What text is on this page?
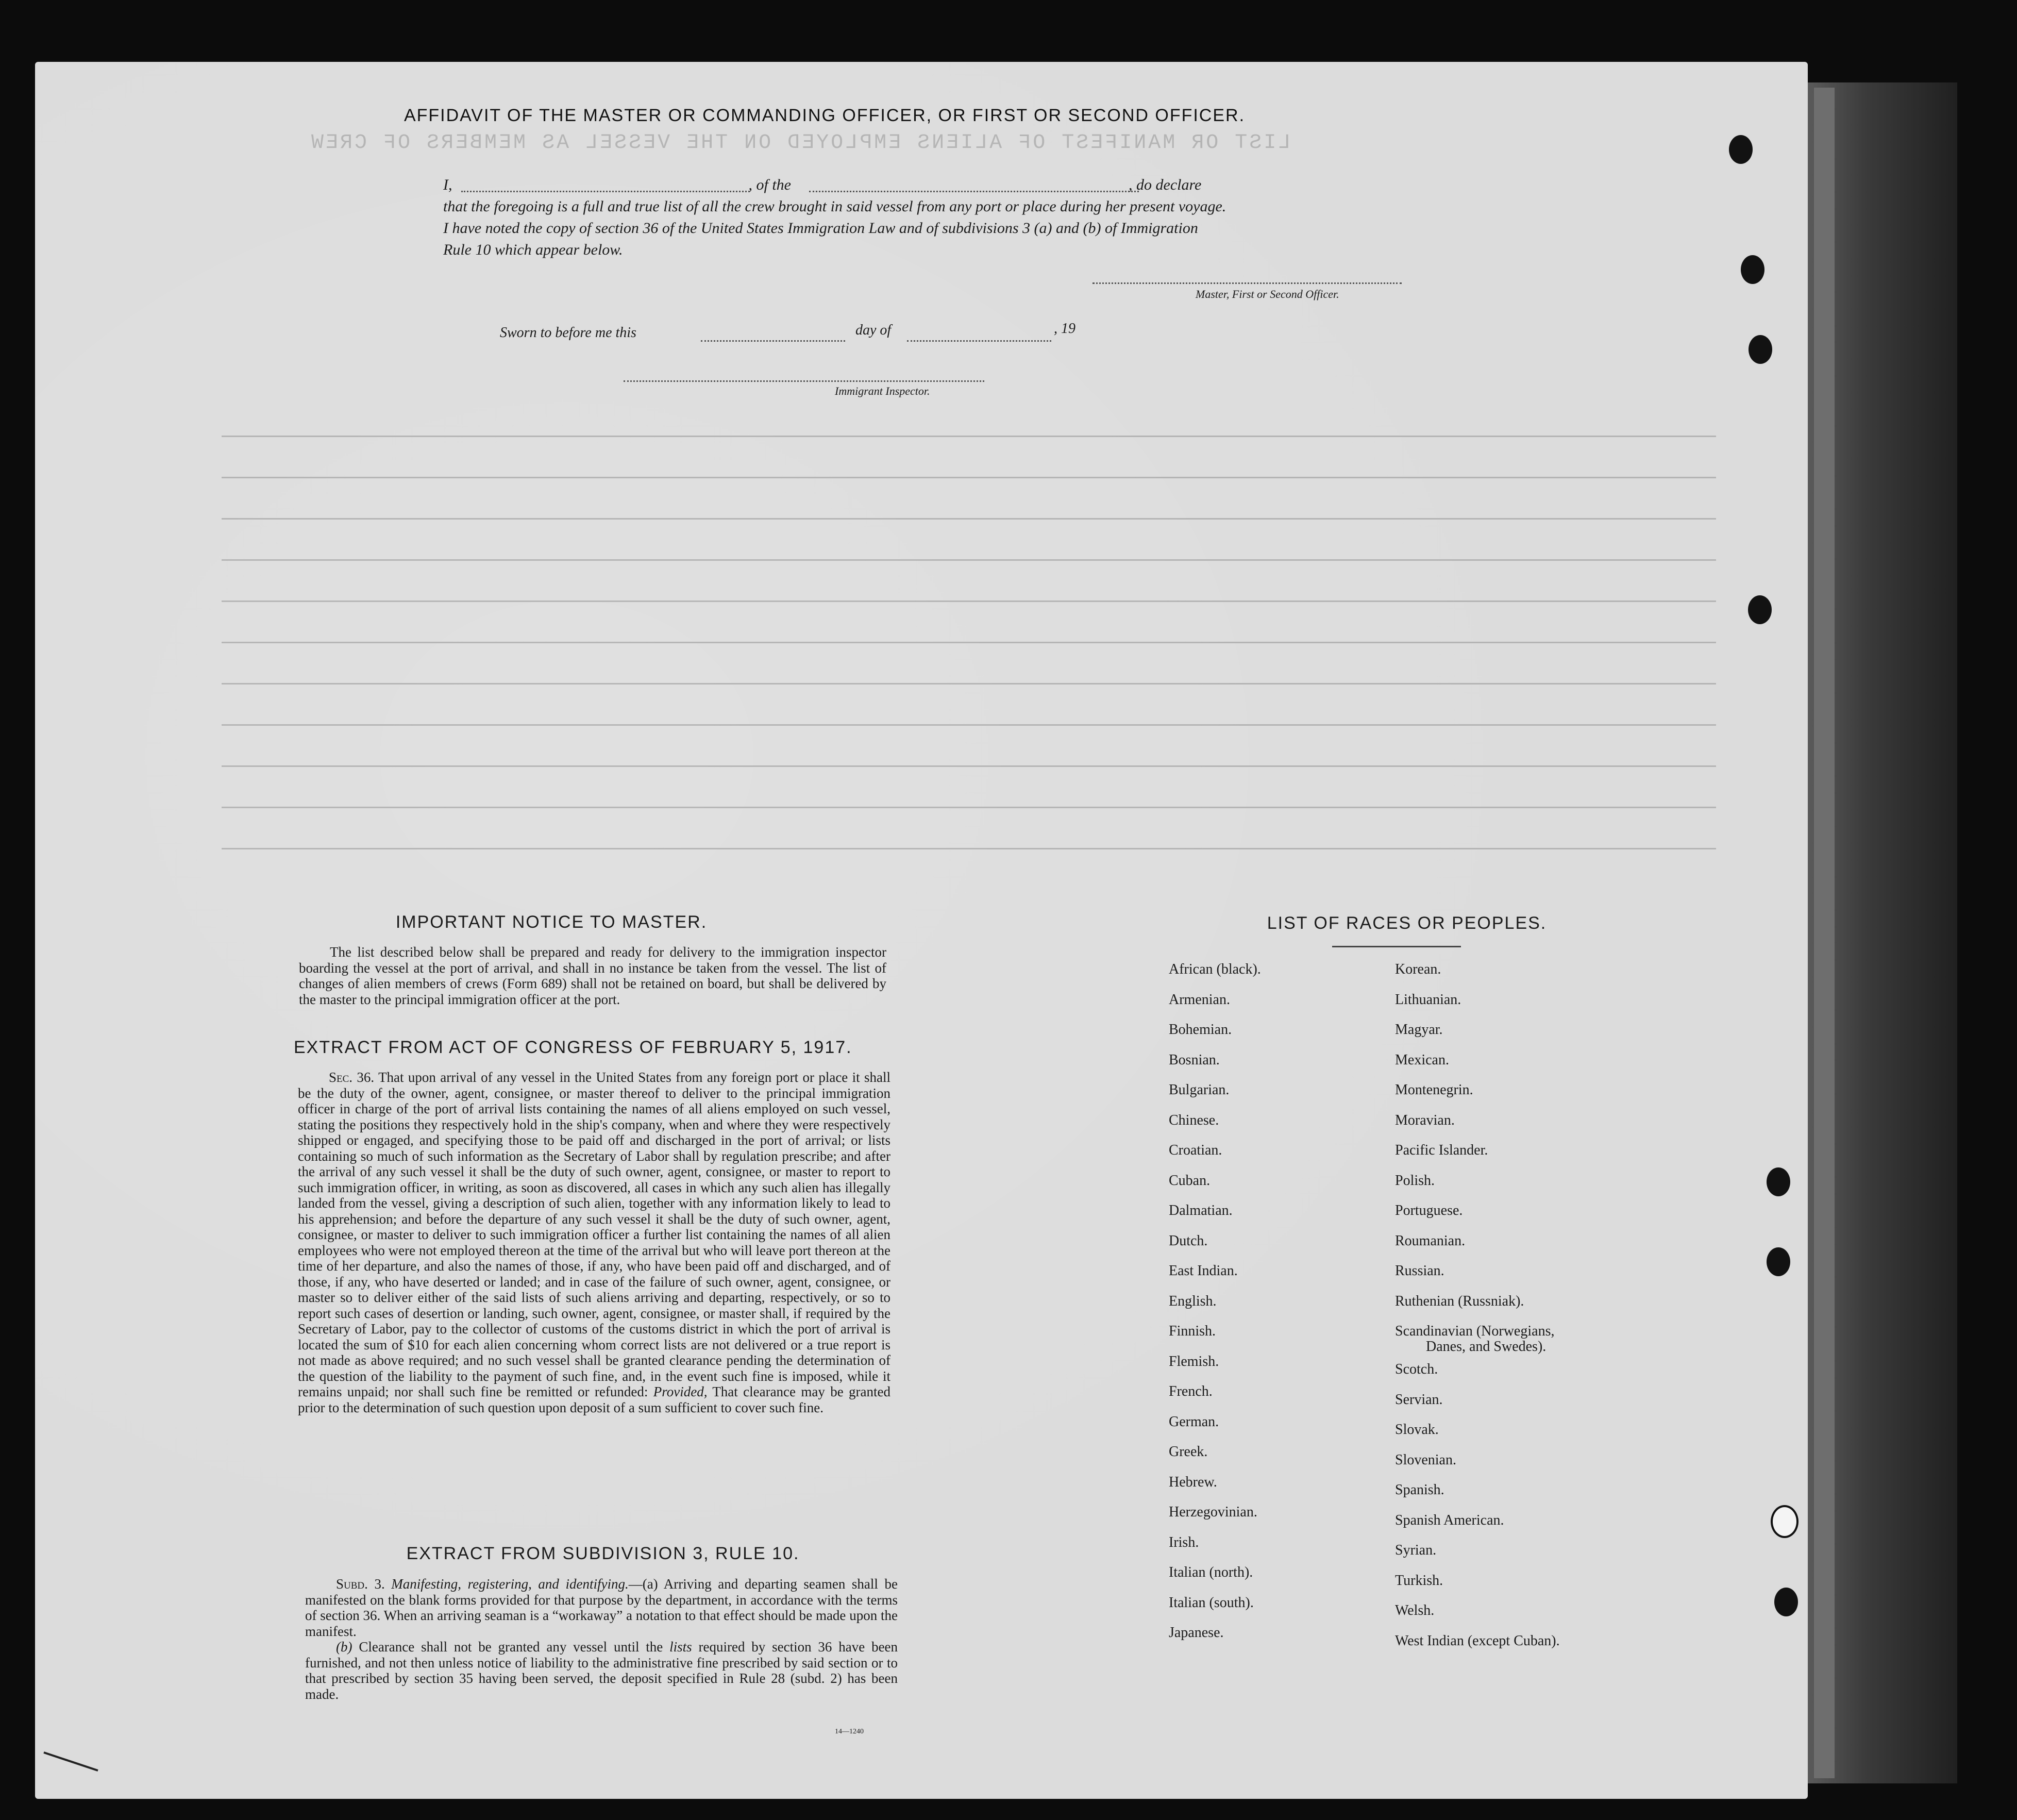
LIST OR MANIFEST OF ALIENS EMPLOYED ON THE VESSEL AS MEMBERS OF CREW
AFFIDAVIT OF THE MASTER OR COMMANDING OFFICER, OR FIRST OR SECOND OFFICER.
I,	, of the	, do declare
that the foregoing is a full and true list of all the crew brought in said vessel from any port or place during her present voyage.
I have noted the copy of section 36 of the United States Immigration Law and of subdivisions 3 (a) and (b) of Immigration
Rule 10 which appear below.
Master, First or Second Officer.
Sworn to before me this	day of	, 19
Immigrant Inspector.
IMPORTANT NOTICE TO MASTER.
The list described below shall be prepared and ready for delivery to the immigration inspector boarding the vessel at the port of arrival, and shall in no instance be taken from the vessel. The list of changes of alien members of crews (Form 689) shall not be retained on board, but shall be delivered by the master to the principal immigration officer at the port.
EXTRACT FROM ACT OF CONGRESS OF FEBRUARY 5, 1917.
Sec. 36. That upon arrival of any vessel in the United States from any foreign port or place it shall be the duty of the owner, agent, consignee, or master thereof to deliver to the principal immigration officer in charge of the port of arrival lists containing the names of all aliens employed on such vessel, stating the positions they respectively hold in the ship's company, when and where they were respectively shipped or engaged, and specifying those to be paid off and discharged in the port of arrival; or lists containing so much of such information as the Secretary of Labor shall by regulation prescribe; and after the arrival of any such vessel it shall be the duty of such owner, agent, consignee, or master to report to such immigration officer, in writing, as soon as discovered, all cases in which any such alien has illegally landed from the vessel, giving a description of such alien, together with any information likely to lead to his apprehension; and before the departure of any such vessel it shall be the duty of such owner, agent, consignee, or master to deliver to such immigration officer a further list containing the names of all alien employees who were not employed thereon at the time of the arrival but who will leave port thereon at the time of her departure, and also the names of those, if any, who have been paid off and discharged, and of those, if any, who have deserted or landed; and in case of the failure of such owner, agent, consignee, or master so to deliver either of the said lists of such aliens arriving and departing, respectively, or so to report such cases of desertion or landing, such owner, agent, consignee, or master shall, if required by the Secretary of Labor, pay to the collector of customs of the customs district in which the port of arrival is located the sum of $10 for each alien concerning whom correct lists are not delivered or a true report is not made as above required; and no such vessel shall be granted clearance pending the determination of the question of the liability to the payment of such fine, and, in the event such fine is imposed, while it remains unpaid; nor shall such fine be remitted or refunded: Provided, That clearance may be granted prior to the determination of such question upon deposit of a sum sufficient to cover such fine.
EXTRACT FROM SUBDIVISION 3, RULE 10.
Subd. 3. Manifesting, registering, and identifying.—(a) Arriving and departing seamen shall be manifested on the blank forms provided for that purpose by the department, in accordance with the terms of section 36. When an arriving seaman is a “workaway” a notation to that effect should be made upon the manifest.
(b) Clearance shall not be granted any vessel until the lists required by section 36 have been furnished, and not then unless notice of liability to the administrative fine prescribed by said section or to that prescribed by section 35 having been served, the deposit specified in Rule 28 (subd. 2) has been made.
14—1240
LIST OF RACES OR PEOPLES.
African (black).
Armenian.
Bohemian.
Bosnian.
Bulgarian.
Chinese.
Croatian.
Cuban.
Dalmatian.
Dutch.
East Indian.
English.
Finnish.
Flemish.
French.
German.
Greek.
Hebrew.
Herzegovinian.
Irish.
Italian (north).
Italian (south).
Japanese.
Korean.
Lithuanian.
Magyar.
Mexican.
Montenegrin.
Moravian.
Pacific Islander.
Polish.
Portuguese.
Roumanian.
Russian.
Ruthenian (Russniak).
Scandinavian (Norwegians,
Danes, and Swedes).
Scotch.
Servian.
Slovak.
Slovenian.
Spanish.
Spanish American.
Syrian.
Turkish.
Welsh.
West Indian (except Cuban).
